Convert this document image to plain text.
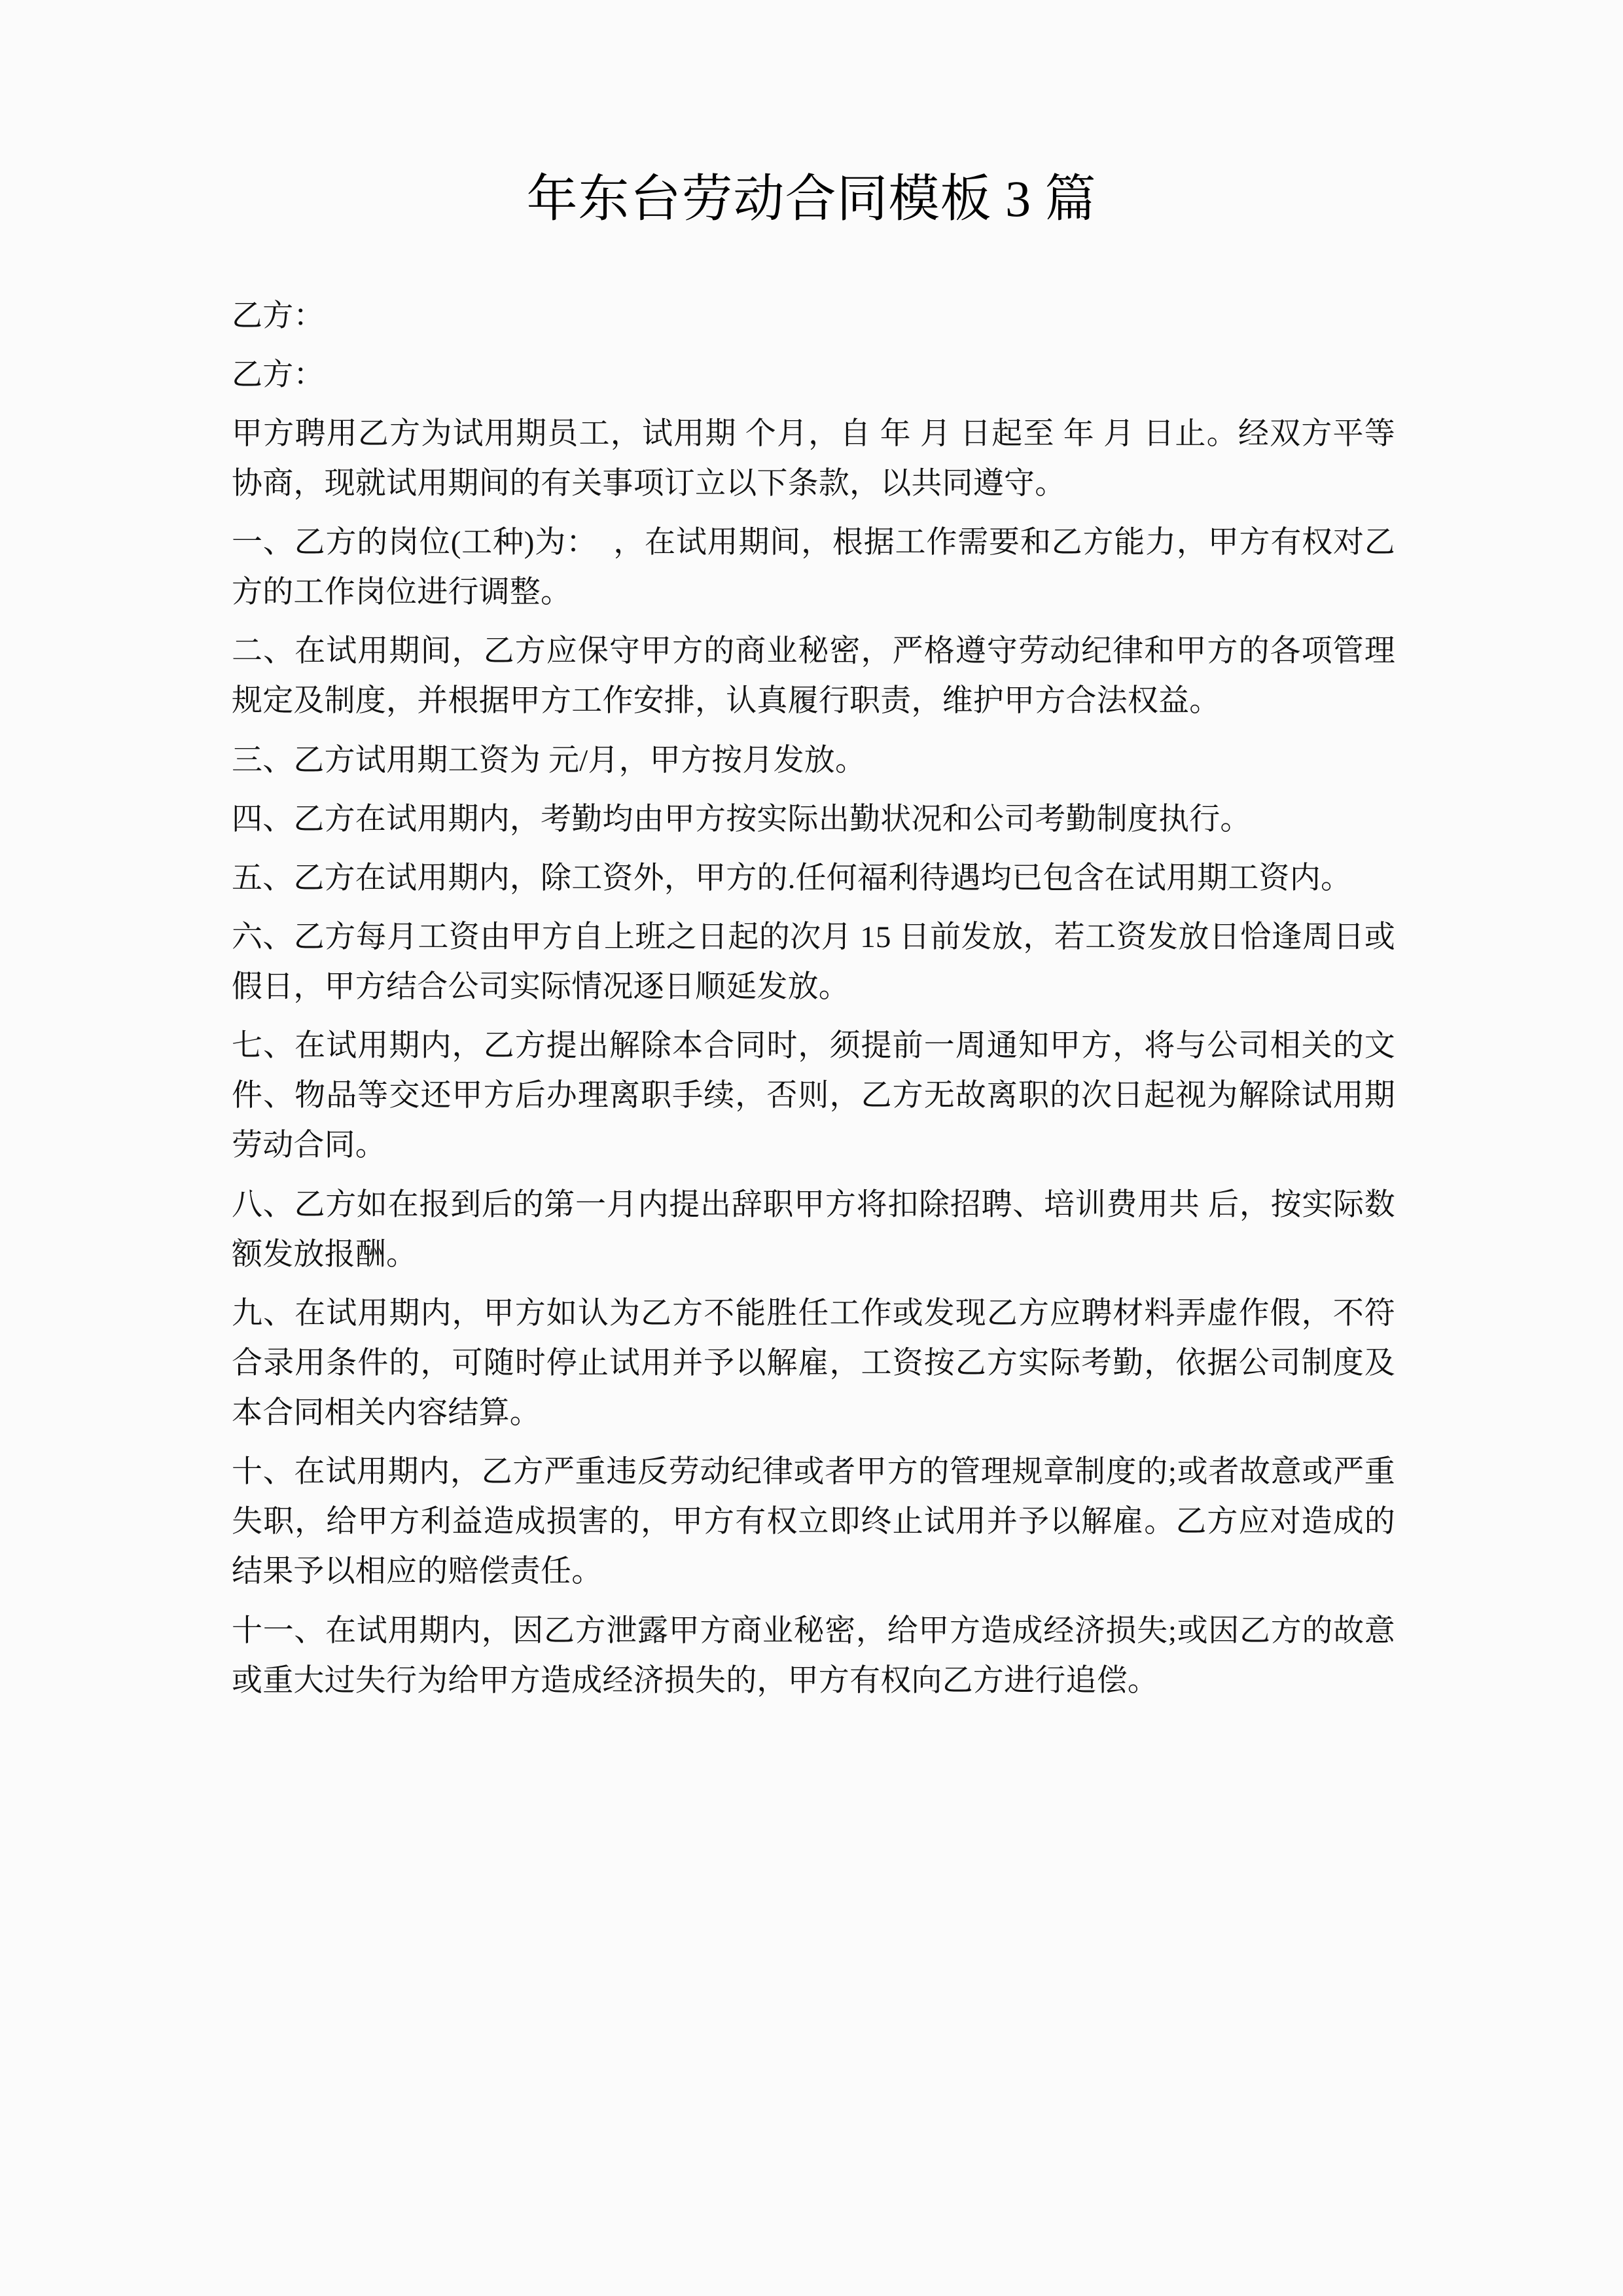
年东台劳动合同模板 3 篇

乙方：

乙方：

甲方聘用乙方为试用期员工，试用期 个月，自 年 月 日起至 年 月 日止。经双方平等协商，现就试用期间的有关事项订立以下条款，以共同遵守。

一、乙方的岗位(工种)为：　，在试用期间，根据工作需要和乙方能力，甲方有权对乙方的工作岗位进行调整。

二、在试用期间，乙方应保守甲方的商业秘密，严格遵守劳动纪律和甲方的各项管理规定及制度，并根据甲方工作安排，认真履行职责，维护甲方合法权益。

三、乙方试用期工资为 元/月，甲方按月发放。

四、乙方在试用期内，考勤均由甲方按实际出勤状况和公司考勤制度执行。

五、乙方在试用期内，除工资外，甲方的.任何福利待遇均已包含在试用期工资内。

六、乙方每月工资由甲方自上班之日起的次月 15 日前发放，若工资发放日恰逢周日或假日，甲方结合公司实际情况逐日顺延发放。

七、在试用期内，乙方提出解除本合同时，须提前一周通知甲方，将与公司相关的文件、物品等交还甲方后办理离职手续，否则，乙方无故离职的次日起视为解除试用期劳动合同。

八、乙方如在报到后的第一月内提出辞职甲方将扣除招聘、培训费用共 后，按实际数额发放报酬。

九、在试用期内，甲方如认为乙方不能胜任工作或发现乙方应聘材料弄虚作假，不符合录用条件的，可随时停止试用并予以解雇，工资按乙方实际考勤，依据公司制度及本合同相关内容结算。

十、在试用期内，乙方严重违反劳动纪律或者甲方的管理规章制度的;或者故意或严重失职，给甲方利益造成损害的，甲方有权立即终止试用并予以解雇。乙方应对造成的结果予以相应的赔偿责任。

十一、在试用期内，因乙方泄露甲方商业秘密，给甲方造成经济损失;或因乙方的故意或重大过失行为给甲方造成经济损失的，甲方有权向乙方进行追偿。
